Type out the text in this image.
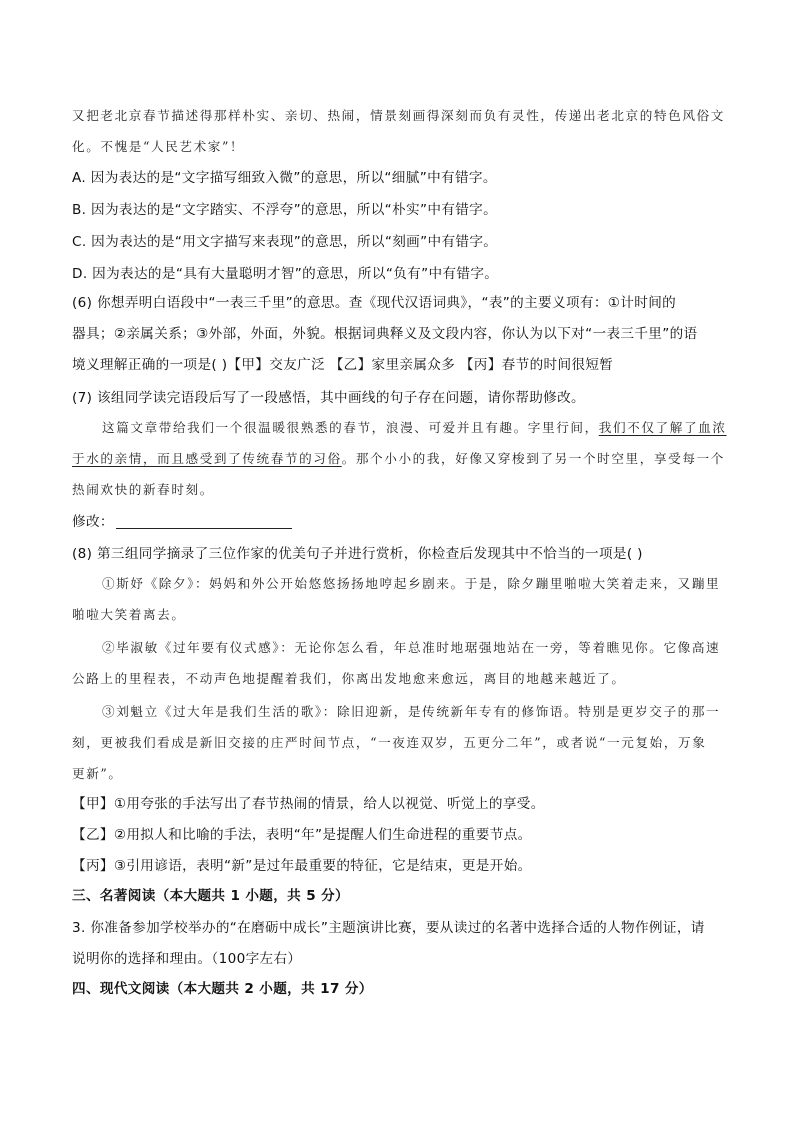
又把老北京春节描述得那样朴实、亲切、热闹，情景刻画得深刻而负有灵性，传递出老北京的特色风俗文
化。不愧是“人民艺术家”！
A. 因为表达的是“文字描写细致入微”的意思，所以“细腻”中有错字。
B. 因为表达的是“文字踏实、不浮夸”的意思，所以“朴实”中有错字。
C. 因为表达的是“用文字描写来表现”的意思，所以“刻画”中有错字。
D. 因为表达的是“具有大量聪明才智”的意思，所以“负有”中有错字。
(6) 你想弄明白语段中“一表三千里”的意思。查《现代汉语词典》，“表”的主要义项有：①计时间的
器具；②亲属关系；③外部，外面，外貌。根据词典释义及文段内容，你认为以下对“一表三千里”的语
境义理解正确的一项是( )【甲】交友广泛 【乙】家里亲属众多 【丙】春节的时间很短暂
(7) 该组同学读完语段后写了一段感悟，其中画线的句子存在问题，请你帮助修改。
这篇文章带给我们一个很温暖很熟悉的春节，浪漫、可爱并且有趣。字里行间，我们不仅了解了血浓
于水的亲情，而且感受到了传统春节的习俗。那个小小的我，好像又穿梭到了另一个时空里，享受每一个
热闹欢快的新春时刻。
修改：
(8) 第三组同学摘录了三位作家的优美句子并进行赏析，你检查后发现其中不恰当的一项是( )
①斯妤《除夕》：妈妈和外公开始悠悠扬扬地哼起乡剧来。于是，除夕蹦里啪啦大笑着走来，又蹦里
啪啦大笑着离去。
②毕淑敏《过年要有仪式感》：无论你怎么看，年总准时地琚强地站在一旁，等着瞧见你。它像高速
公路上的里程表，不动声色地提醒着我们，你离出发地愈来愈远，离目的地越来越近了。
③刘魁立《过大年是我们生活的歌》：除旧迎新，是传统新年专有的修饰语。特别是更岁交子的那一
刻，更被我们看成是新旧交接的庄严时间节点，“一夜连双岁，五更分二年”，或者说“一元复始，万象
更新”。
【甲】①用夸张的手法写出了春节热闹的情景，给人以视觉、听觉上的享受。
【乙】②用拟人和比喻的手法，表明“年”是提醒人们生命进程的重要节点。
【丙】③引用谚语，表明“新”是过年最重要的特征，它是结束，更是开始。
三、名著阅读（本大题共 1 小题，共 5 分）
3. 你准备参加学校举办的“在磨砺中成长”主题演讲比赛，要从读过的名著中选择合适的人物作例证，请
说明你的选择和理由。（100字左右）
四、现代文阅读（本大题共 2 小题，共 17 分）
